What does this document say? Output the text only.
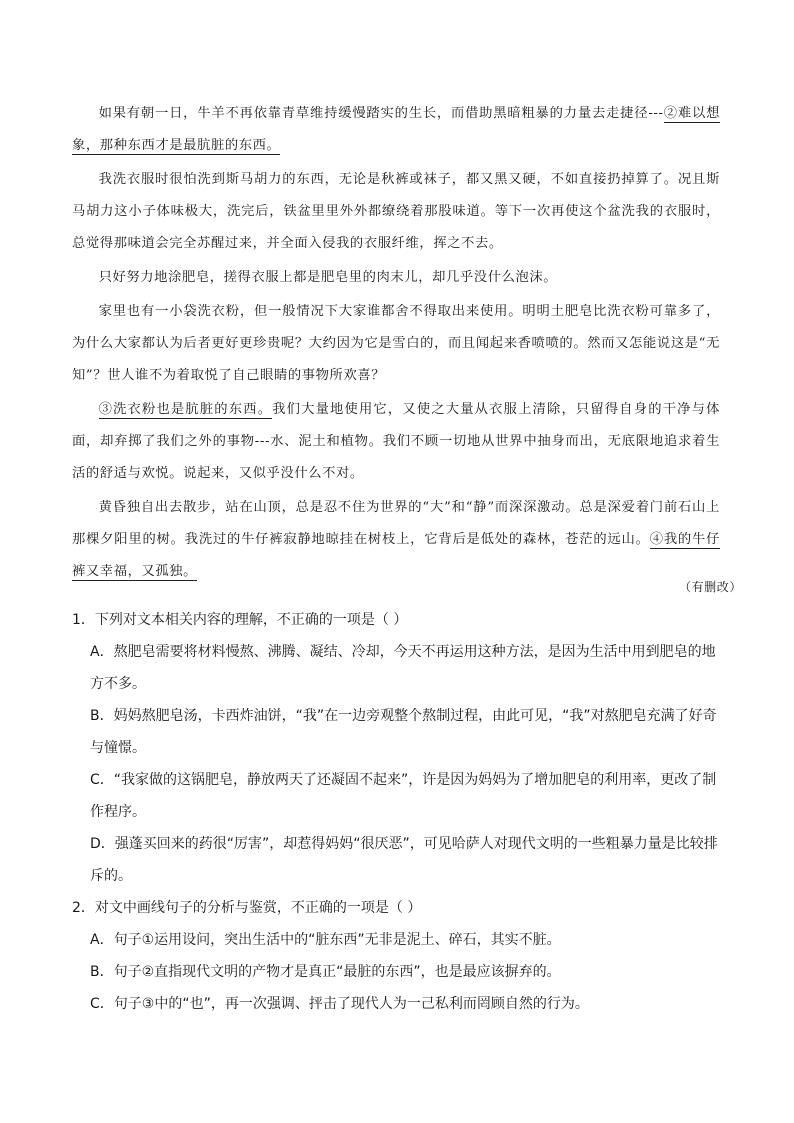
如果有朝一日，牛羊不再依靠青草维持缓慢踏实的生长，而借助黑暗粗暴的力量去走捷径---②难以想象，那种东西才是最肮脏的东西。

我洗衣服时很怕洗到斯马胡力的东西，无论是秋裤或袜子，都又黑又硬，不如直接扔掉算了。况且斯马胡力这小子体味极大，洗完后，铁盆里里外外都缭绕着那股味道。等下一次再使这个盆洗我的衣服时，总觉得那味道会完全苏醒过来，并全面入侵我的衣服纤维，挥之不去。

只好努力地涂肥皂，搓得衣服上都是肥皂里的肉末儿，却几乎没什么泡沫。

家里也有一小袋洗衣粉，但一般情况下大家谁都舍不得取出来使用。明明土肥皂比洗衣粉可靠多了，为什么大家都认为后者更好更珍贵呢？大约因为它是雪白的，而且闻起来香喷喷的。然而又怎能说这是“无知”？世人谁不为着取悦了自己眼睛的事物所欢喜？

③洗衣粉也是肮脏的东西。我们大量地使用它，又使之大量从衣服上清除，只留得自身的干净与体面，却弃掷了我们之外的事物---水、泥土和植物。我们不顾一切地从世界中抽身而出，无底限地追求着生活的舒适与欢悦。说起来，又似乎没什么不对。

黄昏独自出去散步，站在山顶，总是忍不住为世界的“大”和“静”而深深激动。总是深爱着门前石山上那棵夕阳里的树。我洗过的牛仔裤寂静地晾挂在树枝上，它背后是低处的森林，苍茫的远山。④我的牛仔裤又幸福，又孤独。

（有删改）
1．下列对文本相关内容的理解，不正确的一项是（ ）
A．熬肥皂需要将材料慢熬、沸腾、凝结、冷却，今天不再运用这种方法，是因为生活中用到肥皂的地方不多。
B．妈妈熬肥皂汤，卡西炸油饼，“我”在一边旁观整个熬制过程，由此可见，“我”对熬肥皂充满了好奇与憧憬。
C．“我家做的这锅肥皂，静放两天了还凝固不起来”，许是因为妈妈为了增加肥皂的利用率，更改了制作程序。
D．强蓬买回来的药很“厉害”，却惹得妈妈“很厌恶”，可见哈萨人对现代文明的一些粗暴力量是比较排斥的。
2．对文中画线句子的分析与鉴赏，不正确的一项是（ ）
A．句子①运用设问，突出生活中的“脏东西”无非是泥土、碎石，其实不脏。
B．句子②直指现代文明的产物才是真正“最脏的东西”，也是最应该摒弃的。
C．句子③中的“也”，再一次强调、抨击了现代人为一己私利而罔顾自然的行为。
